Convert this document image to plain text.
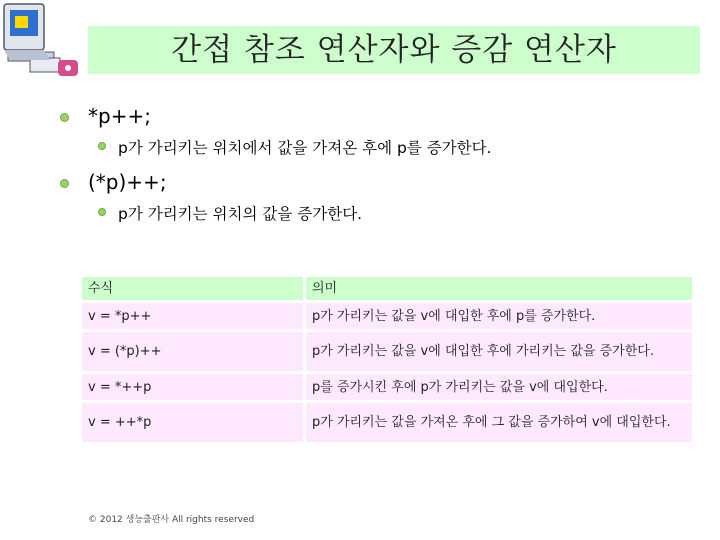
간접 참조 연산자와 증감 연산자
*p++;
p가 가리키는 위치에서 값을 가져온 후에 p를 증가한다.
(*p)++;
p가 가리키는 위치의 값을 증가한다.
수식	의미
v = *p++	p가 가리키는 값을 v에 대입한 후에 p를 증가한다.
v = (*p)++	p가 가리키는 값을 v에 대입한 후에 가리키는 값을 증가한다.
v = *++p	p를 증가시킨 후에 p가 가리키는 값을 v에 대입한다.
v = ++*p	p가 가리키는 값을 가져온 후에 그 값을 증가하여 v에 대입한다.
© 2012 생능출판사 All rights reserved
